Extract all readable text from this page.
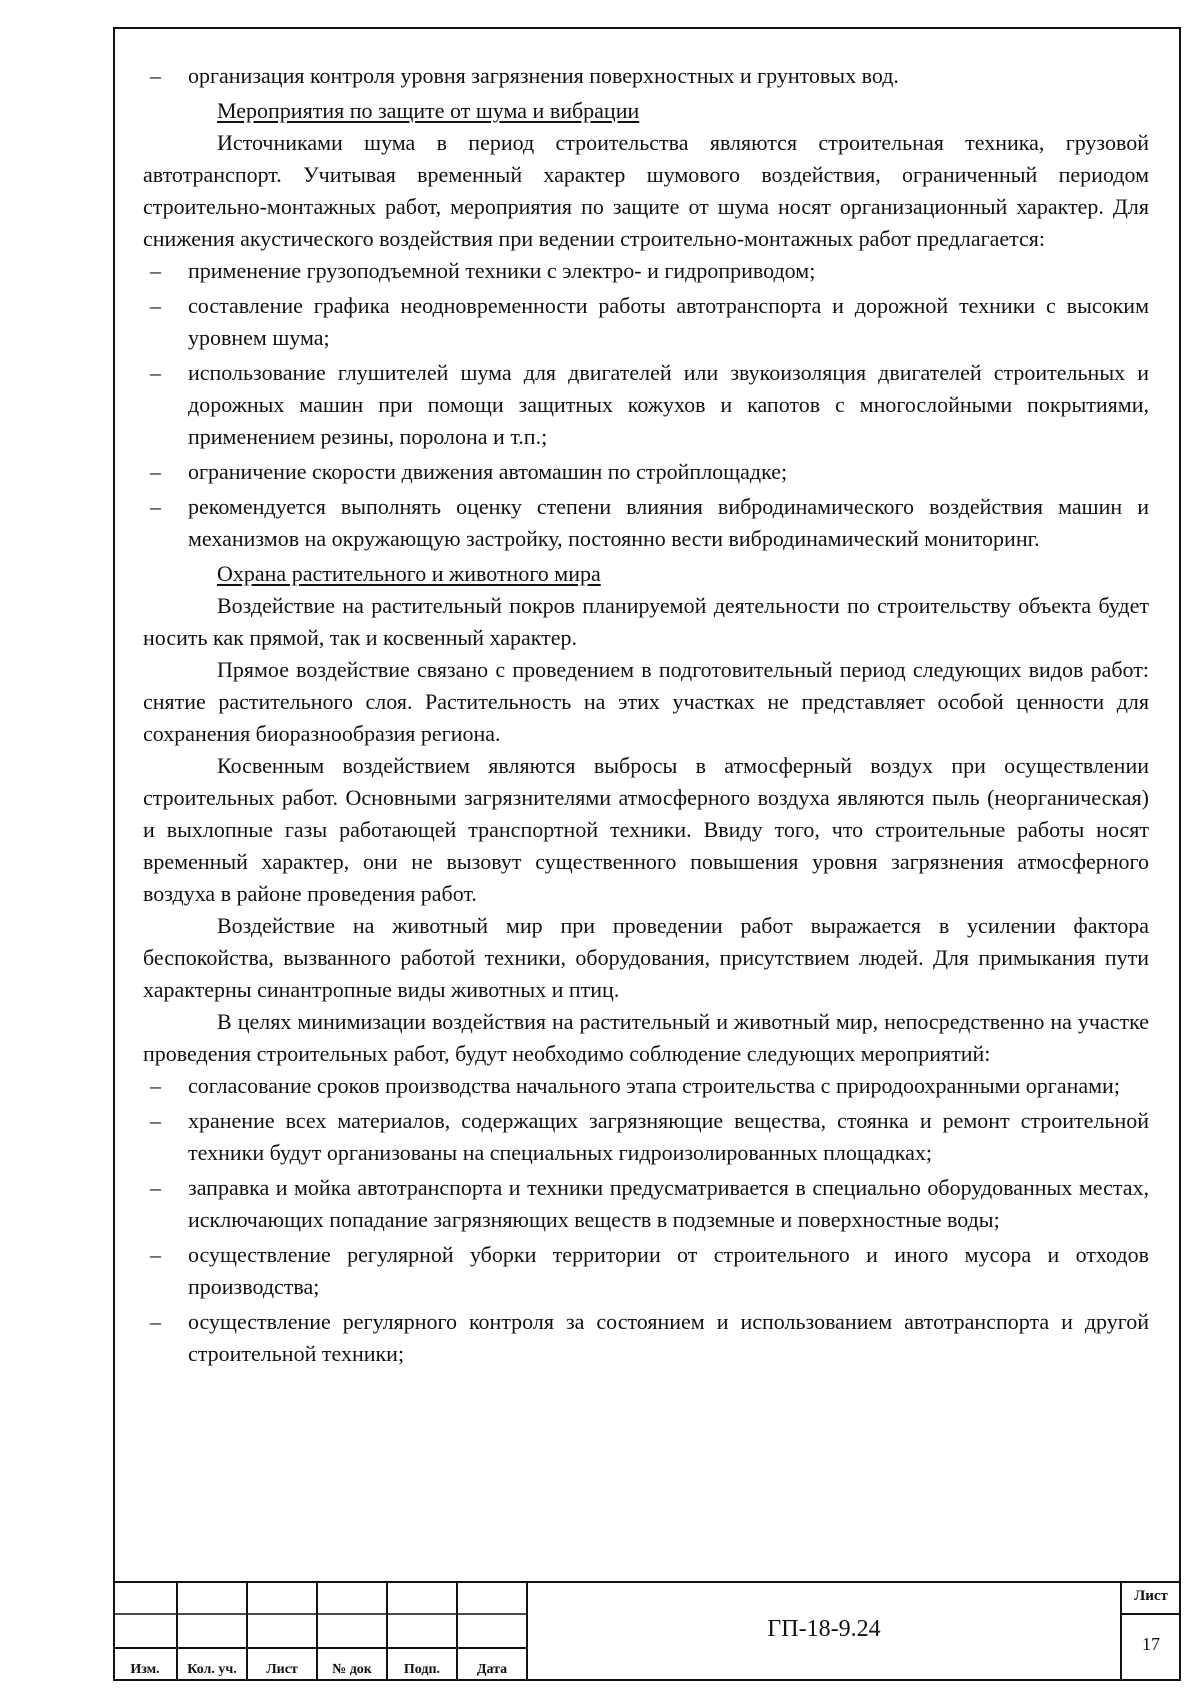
– организация контроля уровня загрязнения поверхностных и грунтовых вод.

Мероприятия по защите от шума и вибрации

Источниками шума в период строительства являются строительная техника, грузовой автотранспорт. Учитывая временный характер шумового воздействия, ограниченный периодом строительно-монтажных работ, мероприятия по защите от шума носят организационный характер. Для снижения акустического воздействия при ведении строительно-монтажных работ предлагается:

– применение грузоподъемной техники с электро- и гидроприводом;
– составление графика неодновременности работы автотранспорта и дорожной техники с высоким уровнем шума;
– использование глушителей шума для двигателей или звукоизоляция двигателей строительных и дорожных машин при помощи защитных кожухов и капотов с многослойными покрытиями, применением резины, поролона и т.п.;
– ограничение скорости движения автомашин по стройплощадке;
– рекомендуется выполнять оценку степени влияния вибродинамического воздействия машин и механизмов на окружающую застройку, постоянно вести вибродинамический мониторинг.

Охрана растительного и животного мира

Воздействие на растительный покров планируемой деятельности по строительству объекта будет носить как прямой, так и косвенный характер.

Прямое воздействие связано с проведением в подготовительный период следующих видов работ: снятие растительного слоя. Растительность на этих участках не представляет особой ценности для сохранения биоразнообразия региона.

Косвенным воздействием являются выбросы в атмосферный воздух при осуществлении строительных работ. Основными загрязнителями атмосферного воздуха являются пыль (неорганическая) и выхлопные газы работающей транспортной техники. Ввиду того, что строительные работы носят временный характер, они не вызовут существенного повышения уровня загрязнения атмосферного воздуха в районе проведения работ.

Воздействие на животный мир при проведении работ выражается в усилении фактора беспокойства, вызванного работой техники, оборудования, присутствием людей. Для примыкания пути характерны синантропные виды животных и птиц.

В целях минимизации воздействия на растительный и животный мир, непосредственно на участке проведения строительных работ, будут необходимо соблюдение следующих мероприятий:

– согласование сроков производства начального этапа строительства с природоохранными органами;
– хранение всех материалов, содержащих загрязняющие вещества, стоянка и ремонт строительной техники будут организованы на специальных гидроизолированных площадках;
– заправка и мойка автотранспорта и техники предусматривается в специально оборудованных местах, исключающих попадание загрязняющих веществ в подземные и поверхностные воды;
– осуществление регулярной уборки территории от строительного и иного мусора и отходов производства;
– осуществление регулярного контроля за состоянием и использованием автотранспорта и другой строительной техники;
Изм.	Кол. уч.	Лист	№ док	Подп.	Дата
ГП-18-9.24
Лист
17
